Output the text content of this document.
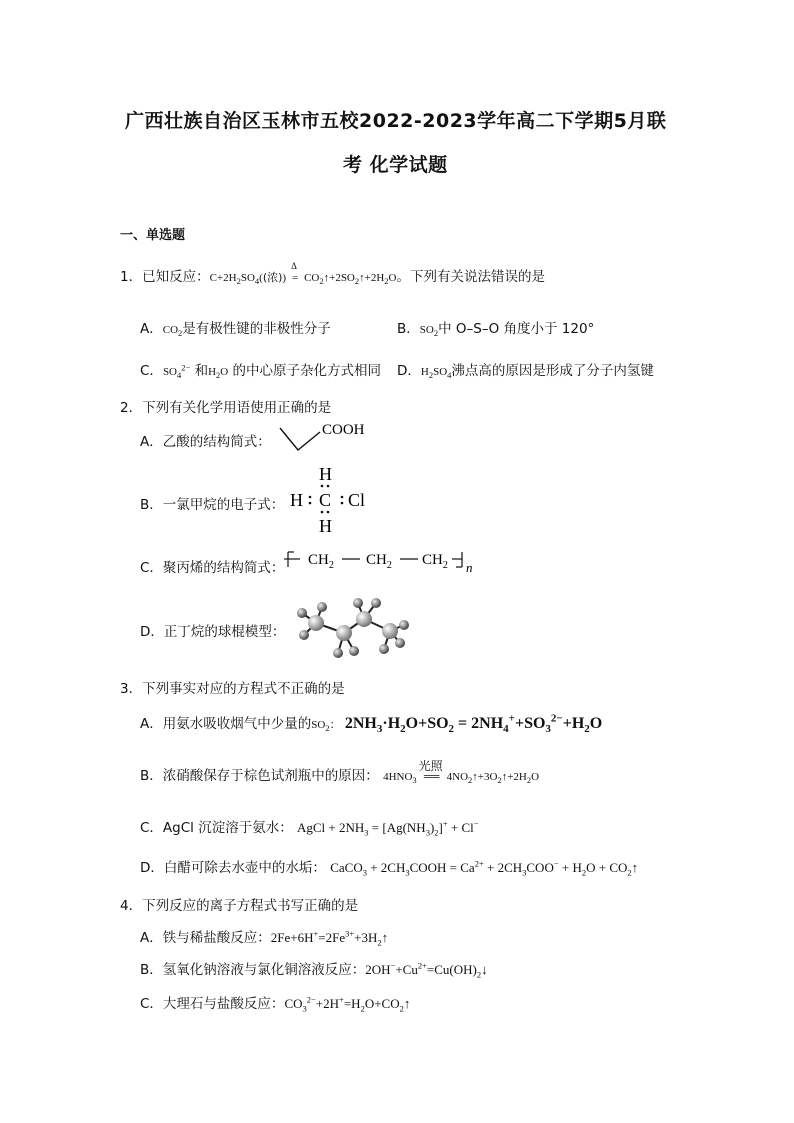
广西壮族自治区玉林市五校2022-2023学年高二下学期5月联
考 化学试题
一、单选题
1．已知反应：$C+2H_2SO_4$((浓))
Δ
= $CO_2↑+2SO_2↑+2H_2O$。下列有关说法错误的是
A．$CO_2$是有极性键的非极性分子	B．$SO_2$中 O–S–O 角度小于 120°
C．$SO_4^{2-}$ 和$H_2O$ 的中心原子杂化方式相同 D．$H_2SO_4$沸点高的原因是形成了分子内氢键
2．下列有关化学用语使用正确的是
A．乙酸的结构简式：
COOH
B．一氯甲烷的电子式：
H
H C Cl
H
C．聚丙烯的结构简式： $CH_2$ $CH_2$ $CH_2$ n
D．正丁烷的球棍模型：
3．下列事实对应的方程式不正确的是
A．用氨水吸收烟气中少量的$SO_2$： $2NH_3\cdot H_2O+SO_2 = 2NH_4^++SO_3^{2-}+H_2O$
B．浓硝酸保存于棕色试剂瓶中的原因： $4HNO_3$
光照
══ $4NO_2↑+3O_2↑+2H_2O$
C．AgCl 沉淀溶于氨水： AgCl + $2NH_3 = [Ag(NH_3)_2]^+ + Cl^-$
D．白醋可除去水壶中的水垢： CaCO$_3$ + $2CH_3COOH = Ca^{2+} + 2CH_3COO^- + H_2O$ + $CO_2↑$
4．下列反应的离子方程式书写正确的是
A．铁与稀盐酸反应：$2Fe+6H^+=2Fe^{3+}+3H_2↑$
B．氢氧化钠溶液与氯化铜溶液反应：$2OH^-+Cu^{2+}=Cu(OH)_2↓$
C．大理石与盐酸反应：$CO_3^{2-}+2H^+=H_2O+CO_2↑$
